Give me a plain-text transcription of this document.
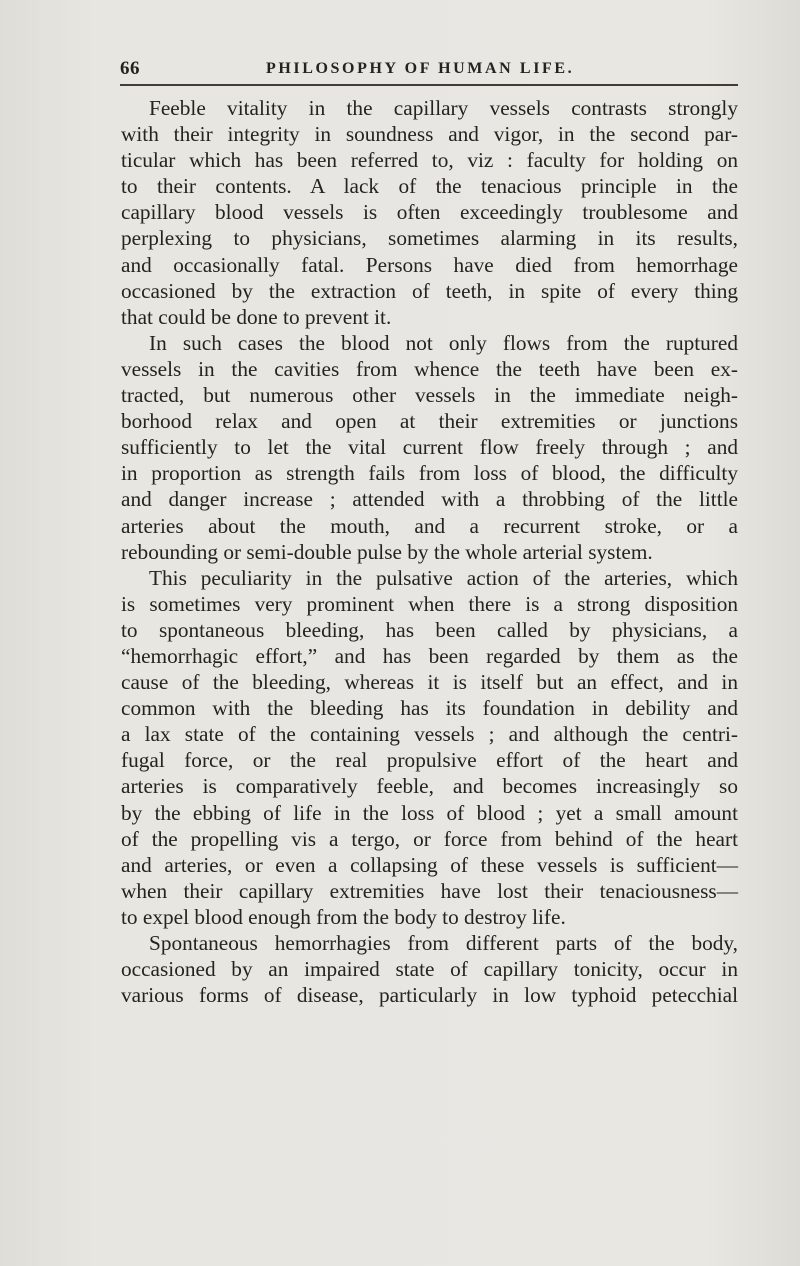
66	PHILOSOPHY OF HUMAN LIFE.
Feeble vitality in the capillary vessels contrasts strongly
with their integrity in soundness and vigor, in the second par-
ticular which has been referred to, viz : faculty for holding on
to their contents. A lack of the tenacious principle in the
capillary blood vessels is often exceedingly troublesome and
perplexing to physicians, sometimes alarming in its results,
and occasionally fatal. Persons have died from hemorrhage
occasioned by the extraction of teeth, in spite of every thing
that could be done to prevent it.
In such cases the blood not only flows from the ruptured
vessels in the cavities from whence the teeth have been ex-
tracted, but numerous other vessels in the immediate neigh-
borhood relax and open at their extremities or junctions
sufficiently to let the vital current flow freely through ; and
in proportion as strength fails from loss of blood, the difficulty
and danger increase ; attended with a throbbing of the little
arteries about the mouth, and a recurrent stroke, or a
rebounding or semi-double pulse by the whole arterial system.
This peculiarity in the pulsative action of the arteries, which
is sometimes very prominent when there is a strong disposition
to spontaneous bleeding, has been called by physicians, a
“hemorrhagic effort,” and has been regarded by them as the
cause of the bleeding, whereas it is itself but an effect, and in
common with the bleeding has its foundation in debility and
a lax state of the containing vessels ; and although the centri-
fugal force, or the real propulsive effort of the heart and
arteries is comparatively feeble, and becomes increasingly so
by the ebbing of life in the loss of blood ; yet a small amount
of the propelling vis a tergo, or force from behind of the heart
and arteries, or even a collapsing of these vessels is sufficient—
when their capillary extremities have lost their tenaciousness—
to expel blood enough from the body to destroy life.
Spontaneous hemorrhagies from different parts of the body,
occasioned by an impaired state of capillary tonicity, occur in
various forms of disease, particularly in low typhoid petecchial
